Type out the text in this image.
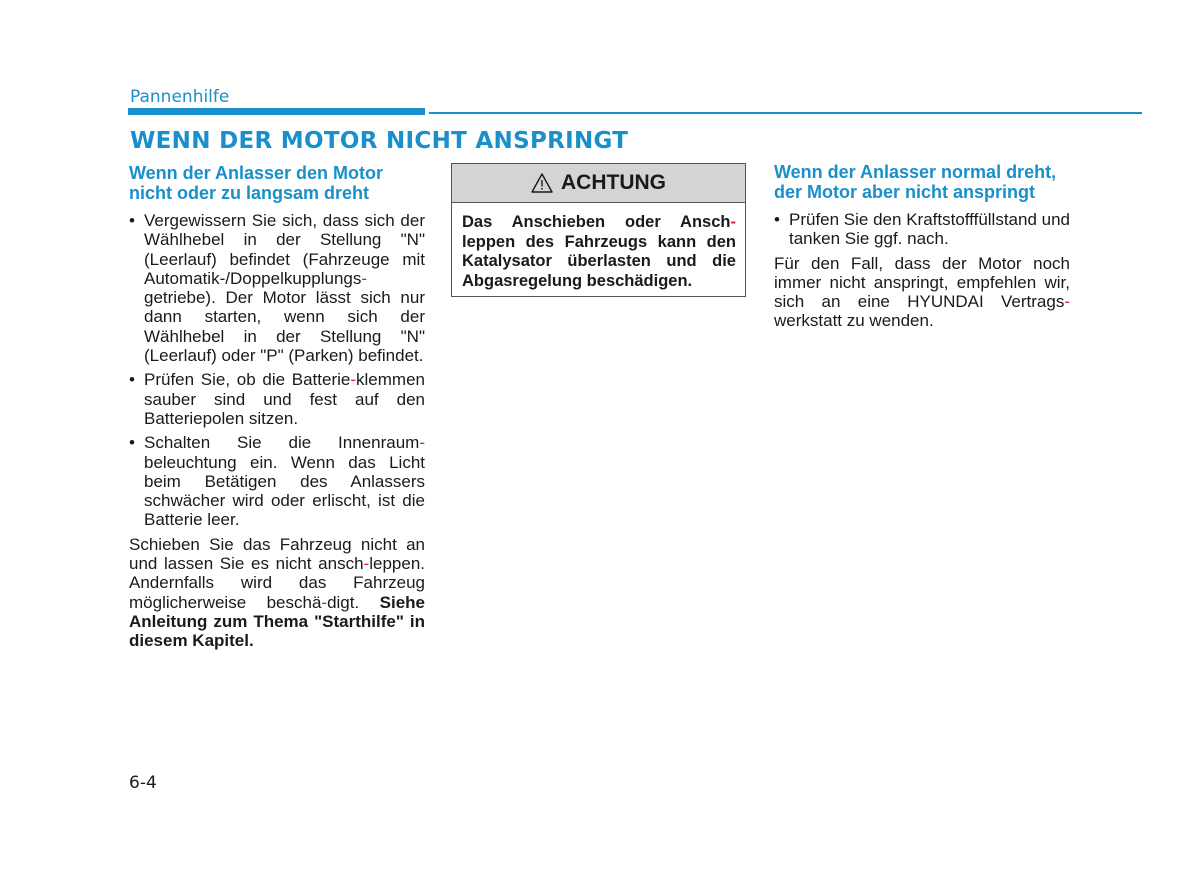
Pannenhilfe
WENN DER MOTOR NICHT ANSPRINGT
Wenn der Anlasser den Motor nicht oder zu langsam dreht
• Vergewissern Sie sich, dass sich der Wählhebel in der Stellung "N" (Leerlauf) befindet (Fahrzeuge mit Automatik-/Doppelkupplungs-getriebe). Der Motor lässt sich nur dann starten, wenn sich der Wählhebel in der Stellung "N" (Leerlauf) oder "P" (Parken) befindet.
• Prüfen Sie, ob die Batterie-klemmen sauber sind und fest auf den Batteriepolen sitzen.
• Schalten Sie die Innenraum-beleuchtung ein. Wenn das Licht beim Betätigen des Anlassers schwächer wird oder erlischt, ist die Batterie leer.

Schieben Sie das Fahrzeug nicht an und lassen Sie es nicht ansch-leppen. Andernfalls wird das Fahrzeug möglicherweise beschä-digt. Siehe Anleitung zum Thema "Starthilfe" in diesem Kapitel.

ACHTUNG
Das Anschieben oder Ansch-leppen des Fahrzeugs kann den Katalysator überlasten und die Abgasregelung beschädigen.
Wenn der Anlasser normal dreht, der Motor aber nicht anspringt
• Prüfen Sie den Kraftstofffüllstand und tanken Sie ggf. nach.

Für den Fall, dass der Motor noch immer nicht anspringt, empfehlen wir, sich an eine HYUNDAI Vertrags-werkstatt zu wenden.

6-4
